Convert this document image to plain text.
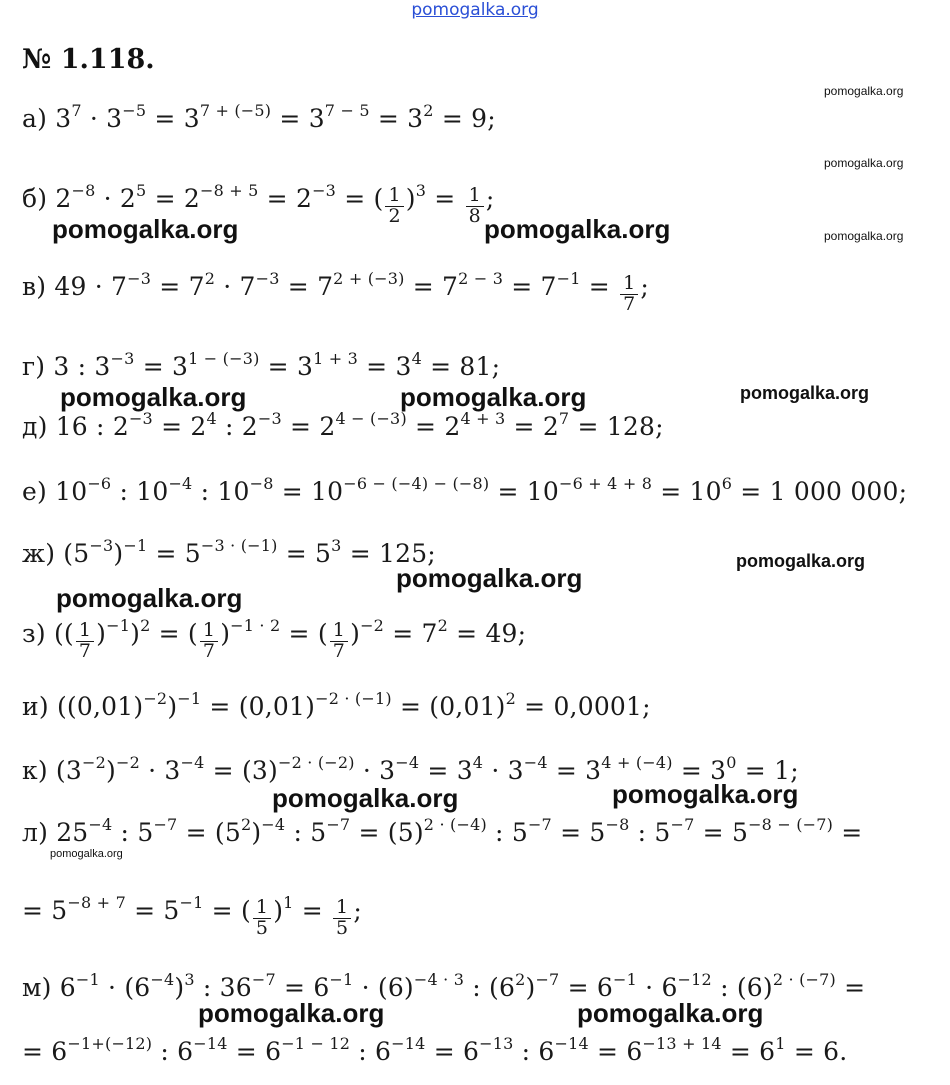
pomogalka.org
№ 1.118.
а) $3^7 \cdot 3^{-5} = 3^{7 + (-5)} = 3^{7 - 5} = 3^2 = 9$;
б) $2^{-8} \cdot 2^5 = 2^{-8 + 5} = 2^{-3}$ = ( $\frac{1}{2} )^3 = \frac{1}{8}$ ;
в) $49 \cdot 7^{-3} = 7^2 \cdot 7^{-3} = 7^{2 + (-3)} = 7^{2 - 3} = 7^{-1} = \frac{1}{7}$ ;
г) 3 : $3^{-3} = 3^{1 - (-3)} = 3^{1 + 3} = 3^4 = 81$;
д) 16 : $2^{-3} = 2^4$ : $2^{-3} = 2^{4 - (-3)} = 2^{4 + 3} = 2^7 = 128$;
е) $10^{-6}$ : $10^{-4}$ : $10^{-8} = 10^{-6 - (-4) - (-8)} = 10^{-6 + 4 + 8} = 10^6 = 1$ 000 000;
ж) $(5^{-3})^{-1} = 5^{-3 \cdot (-1)} = 5^3 = 125$;
з) (( $\frac{1}{7} )^{-1})^2$ = ( $\frac{1}{7} )^{-1 \cdot 2}$ = ( $\frac{1}{7} )^{-2} = 7^2 = 49$;
и) $((0,01)^{-2})^{-1} = (0,01)^{-2 \cdot (-1)} = (0,01)^2 = 0,0001$;
к) $(3^{-2})^{-2} \cdot 3^{-4} = (3)^{-2 \cdot (-2)} \cdot 3^{-4} = 3^4 \cdot 3^{-4} = 3^{4 + (-4)} = 3^0 = 1$;
л) $25^{-4}$ : $5^{-7} = (5^2)^{-4}$ : $5^{-7} = (5)^{2 \cdot (-4)}$ : $5^{-7} = 5^{-8}$ : $5^{-7} = 5^{-8 - (-7)}$ =
= $5^{-8 + 7} = 5^{-1}$ = ( $\frac{1}{5} )^1 = \frac{1}{5}$ ;
м) $6^{-1} \cdot (6^{-4})^3$ : $36^{-7} = 6^{-1} \cdot (6)^{-4 \cdot 3}$ : $(6^2)^{-7} = 6^{-1} \cdot 6^{-12}$ : $(6)^{2 \cdot (-7)}$ =
= $6^{-1+(-12)}$ : $6^{-14} = 6^{-1 - 12}$ : $6^{-14} = 6^{-13}$ : $6^{-14} = 6^{-13 + 14} = 6^1 = 6$.
pomogalka.org
pomogalka.org
pomogalka.org
pomogalka.org
pomogalka.org	pomogalka.org
pomogalka.org	pomogalka.org
pomogalka.org
pomogalka.org
pomogalka.org	pomogalka.org
pomogalka.org	pomogalka.org
pomogalka.org
pomogalka.org
